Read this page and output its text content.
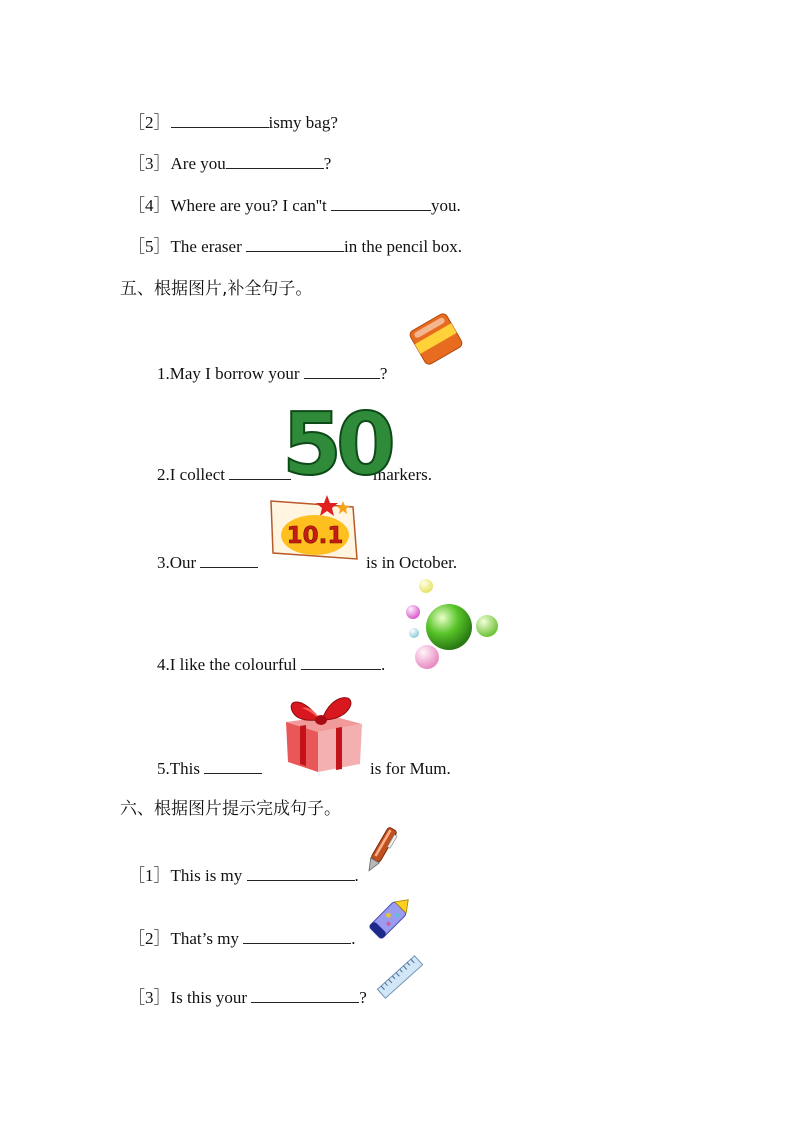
［2］	ismy bag?
［3］Are you	?
［4］Where are you? I can''t	you.
［5］The eraser	in the pencil box.
五、根据图片,补全句子。
1.May I borrow your	?
2.I collect	markers.
50
3.Our	is in October.
10.1
4.I like the colourful	.
5.This	is for Mum.
六、根据图片提示完成句子。
［1］This is my	.
［2］That’s my	.
［3］Is this your	?
